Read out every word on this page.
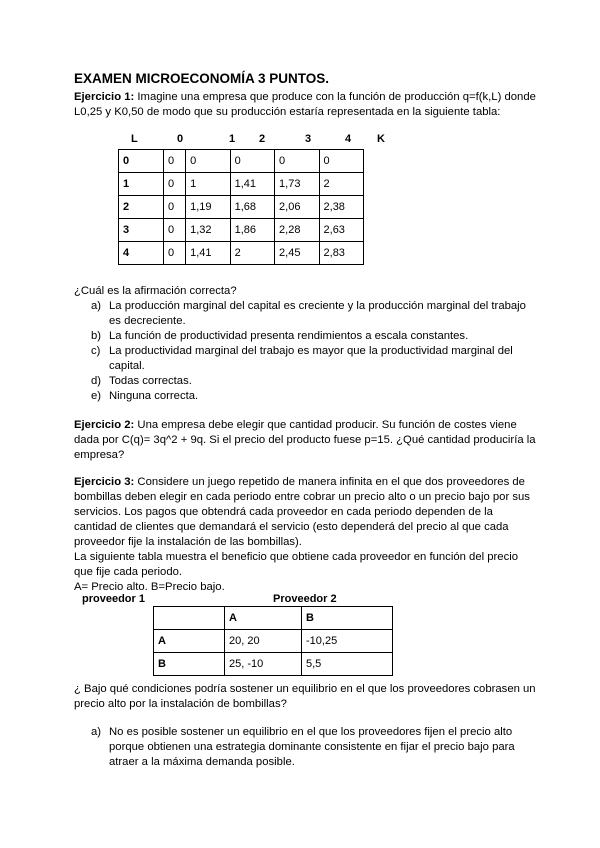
EXAMEN MICROECONOMÍA 3 PUNTOS.
Ejercicio 1: Imagine una empresa que produce con la función de producción q=f(k,L) donde
L0,25 y K0,50 de modo que su producción estaría representada en la siguiente tabla:
L	0	1 2	3	4 K
0	0	0	0	0	0
1	0	1	1,41	1,73	2
2	0	1,19	1,68	2,06	2,38
3	0	1,32	1,86	2,28	2,63
4	0	1,41	2	2,45	2,83
¿Cuál es la afirmación correcta?
a) La producción marginal del capital es creciente y la producción marginal del trabajo
es decreciente.
b) La función de productividad presenta rendimientos a escala constantes.
c) La productividad marginal del trabajo es mayor que la productividad marginal del
capital.
d) Todas correctas.
e) Ninguna correcta.
Ejercicio 2: Una empresa debe elegir que cantidad producir. Su función de costes viene
dada por C(q)= 3q^2 + 9q. Si el precio del producto fuese p=15. ¿Qué cantidad produciría la
empresa?
Ejercicio 3: Considere un juego repetido de manera infinita en el que dos proveedores de
bombillas deben elegir en cada periodo entre cobrar un precio alto o un precio bajo por sus
servicios. Los pagos que obtendrá cada proveedor en cada periodo dependen de la
cantidad de clientes que demandará el servicio (esto dependerá del precio al que cada
proveedor fije la instalación de las bombillas).
La siguiente tabla muestra el beneficio que obtiene cada proveedor en función del precio
que fije cada periodo.
A= Precio alto. B=Precio bajo.
proveedor 1	Proveedor 2
	A	B
A	20, 20	-10,25
B	25, -10	5,5
¿ Bajo qué condiciones podría sostener un equilibrio en el que los proveedores cobrasen un
precio alto por la instalación de bombillas?
a) No es posible sostener un equilibrio en el que los proveedores fijen el precio alto
porque obtienen una estrategia dominante consistente en fijar el precio bajo para
atraer a la máxima demanda posible.
